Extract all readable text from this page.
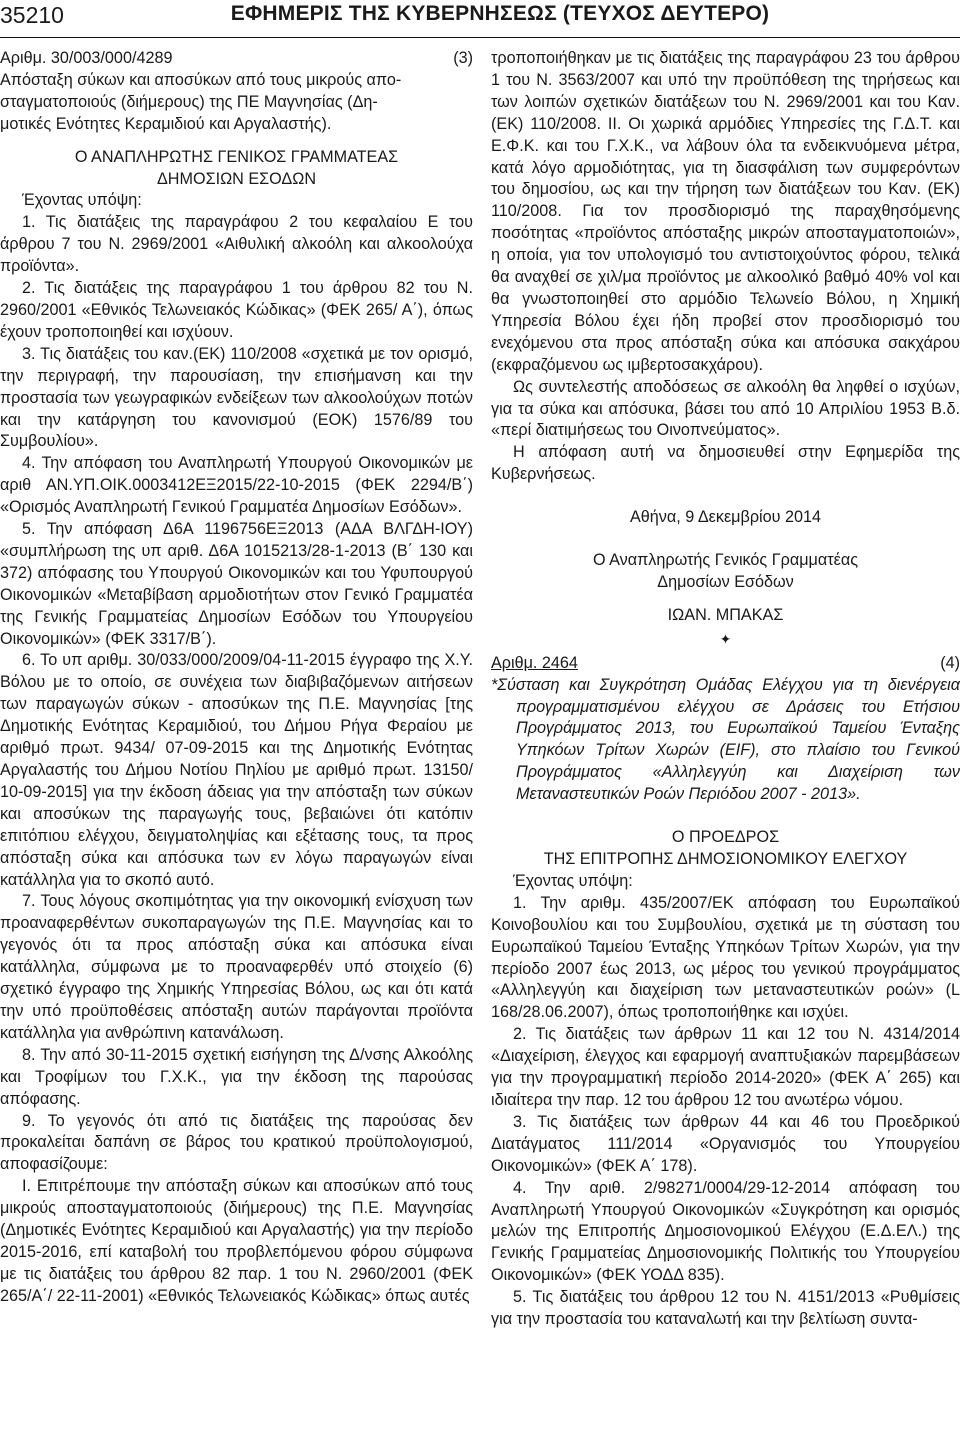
35210	ΕΦΗΜΕΡΙΣ ΤΗΣ ΚΥΒΕΡΝΗΣΕΩΣ (ΤΕΥΧΟΣ ΔΕΥΤΕΡΟ)
Αριθμ. 30/003/000/4289	(3)
Απόσταξη σύκων και αποσύκων από τους μικρούς απο-
σταγματοποιούς (διήμερους) της ΠΕ Μαγνησίας (Δη-
μοτικές Ενότητες Κεραμιδιού και Αργαλαστής).
Ο ΑΝΑΠΛΗΡΩΤΗΣ ΓΕΝΙΚΟΣ ΓΡΑΜΜΑΤΕΑΣ
ΔΗΜΟΣΙΩΝ ΕΣΟΔΩΝ
Έχοντας υπόψη:

1. Τις διατάξεις της παραγράφου 2 του κεφαλαίου Ε του άρθρου 7 του Ν. 2969/2001 «Αιθυλική αλκοόλη και αλκοολούχα προϊόντα».

2. Τις διατάξεις της παραγράφου 1 του άρθρου 82 του Ν. 2960/2001 «Εθνικός Τελωνειακός Κώδικας» (ΦΕΚ 265/ Α΄), όπως έχουν τροποποιηθεί και ισχύουν.

3. Τις διατάξεις του καν.(ΕΚ) 110/2008 «σχετικά με τον ορισμό, την περιγραφή, την παρουσίαση, την επισήμανση και την προστασία των γεωγραφικών ενδείξεων των αλκοολούχων ποτών και την κατάργηση του κανονισμού (ΕΟΚ) 1576/89 του Συμβουλίου».

4. Την απόφαση του Αναπληρωτή Υπουργού Οικονομικών με αριθ ΑΝ.ΥΠ.ΟΙΚ.0003412ΕΞ2015/22-10-2015 (ΦΕΚ 2294/Β΄) «Ορισμός Αναπληρωτή Γενικού Γραμματέα Δημοσίων Εσόδων».

5. Την απόφαση Δ6Α 1196756ΕΞ2013 (ΑΔΑ ΒΛΓΔΗ-ΙΟΥ) «συμπλήρωση της υπ αριθ. Δ6Α 1015213/28-1-2013 (Β΄ 130 και 372) απόφασης του Υπουργού Οικονομικών και του Υφυπουργού Οικονομικών «Μεταβίβαση αρμοδιοτήτων στον Γενικό Γραμματέα της Γενικής Γραμματείας Δημοσίων Εσόδων του Υπουργείου Οικονομικών» (ΦΕΚ 3317/Β΄).

6. Το υπ αριθμ. 30/033/000/2009/04-11-2015 έγγραφο της Χ.Υ. Βόλου με το οποίο, σε συνέχεια των διαβιβαζόμενων αιτήσεων των παραγωγών σύκων - αποσύκων της Π.Ε. Μαγνησίας [της Δημοτικής Ενότητας Κεραμιδιού, του Δήμου Ρήγα Φεραίου με αριθμό πρωτ. 9434/ 07-09-2015 και της Δημοτικής Ενότητας Αργαλαστής του Δήμου Νοτίου Πηλίου με αριθμό πρωτ. 13150/ 10-09-2015] για την έκδοση άδειας για την απόσταξη των σύκων και αποσύκων της παραγωγής τους, βεβαιώνει ότι κατόπιν επιτόπιου ελέγχου, δειγματοληψίας και εξέτασης τους, τα προς απόσταξη σύκα και απόσυκα των εν λόγω παραγωγών είναι κατάλληλα για το σκοπό αυτό.

7. Τους λόγους σκοπιμότητας για την οικονομική ενίσχυση των προαναφερθέντων συκοπαραγωγών της Π.Ε. Μαγνησίας και το γεγονός ότι τα προς απόσταξη σύκα και απόσυκα είναι κατάλληλα, σύμφωνα με το προαναφερθέν υπό στοιχείο (6) σχετικό έγγραφο της Χημικής Υπηρεσίας Βόλου, ως και ότι κατά την υπό προϋποθέσεις απόσταξη αυτών παράγονται προϊόντα κατάλληλα για ανθρώπινη κατανάλωση.

8. Την από 30-11-2015 σχετική εισήγηση της Δ/νσης Αλκοόλης και Τροφίμων του Γ.Χ.Κ., για την έκδοση της παρούσας απόφασης.

9. Το γεγονός ότι από τις διατάξεις της παρούσας δεν προκαλείται δαπάνη σε βάρος του κρατικού προϋπολογισμού, αποφασίζουμε:

Ι. Επιτρέπουμε την απόσταξη σύκων και αποσύκων από τους μικρούς αποσταγματοποιούς (διήμερους) της Π.Ε. Μαγνησίας (Δημοτικές Ενότητες Κεραμιδιού και Αργαλαστής) για την περίοδο 2015-2016, επί καταβολή του προβλεπόμενου φόρου σύμφωνα με τις διατάξεις του άρθρου 82 παρ. 1 του Ν. 2960/2001 (ΦΕΚ 265/Α΄/ 22-11-2001) «Εθνικός Τελωνειακός Κώδικας» όπως αυτές

τροποποιήθηκαν με τις διατάξεις της παραγράφου 23 του άρθρου 1 του Ν. 3563/2007 και υπό την προϋπόθεση της τηρήσεως και των λοιπών σχετικών διατάξεων του Ν. 2969/2001 και του Καν. (ΕΚ) 110/2008. ΙΙ. Οι χωρικά αρμόδιες Υπηρεσίες της Γ.Δ.Τ. και Ε.Φ.Κ. και του Γ.Χ.Κ., να λάβουν όλα τα ενδεικνυόμενα μέτρα, κατά λόγο αρμοδιότητας, για τη διασφάλιση των συμφερόντων του δημοσίου, ως και την τήρηση των διατάξεων του Καν. (ΕΚ) 110/2008. Για τον προσδιορισμό της παραχθησόμενης ποσότητας «προϊόντος απόσταξης μικρών αποσταγματοποιών», η οποία, για τον υπολογισμό του αντιστοιχούντος φόρου, τελικά θα αναχθεί σε χιλ/μα προϊόντος με αλκοολικό βαθμό 40% vol και θα γνωστοποιηθεί στο αρμόδιο Τελωνείο Βόλου, η Χημική Υπηρεσία Βόλου έχει ήδη προβεί στον προσδιορισμό του ενεχόμενου στα προς απόσταξη σύκα και απόσυκα σακχάρου (εκφραζόμενου ως ιμβερτοσακχάρου).

Ως συντελεστής αποδόσεως σε αλκοόλη θα ληφθεί ο ισχύων, για τα σύκα και απόσυκα, βάσει του από 10 Απριλίου 1953 Β.δ. «περί διατιμήσεως του Οινοπνεύματος».

Η απόφαση αυτή να δημοσιευθεί στην Εφημερίδα της Κυβερνήσεως.

Αθήνα, 9 Δεκεμβρίου 2014
Ο Αναπληρωτής Γενικός Γραμματέας
Δημοσίων Εσόδων
ΙΩΑΝ. ΜΠΑΚΑΣ
✦
Αριθμ. 2464	(4)
*Σύσταση και Συγκρότηση Ομάδας Ελέγχου για τη διενέργεια προγραμματισμένου ελέγχου σε Δράσεις του Ετήσιου Προγράμματος 2013, του Ευρωπαϊκού Ταμείου Ένταξης Υπηκόων Τρίτων Χωρών (EIF), στο πλαίσιο του Γενικού Προγράμματος «Αλληλεγγύη και Διαχείριση των Μεταναστευτικών Ροών Περιόδου 2007 - 2013».
Ο ΠΡΟΕΔΡΟΣ
ΤΗΣ ΕΠΙΤΡΟΠΗΣ ΔΗΜΟΣΙΟΝΟΜΙΚΟΥ ΕΛΕΓΧΟΥ
Έχοντας υπόψη:

1. Την αριθμ. 435/2007/ΕΚ απόφαση του Ευρωπαϊκού Κοινοβουλίου και του Συμβουλίου, σχετικά με τη σύσταση του Ευρωπαϊκού Ταμείου Ένταξης Υπηκόων Τρίτων Χωρών, για την περίοδο 2007 έως 2013, ως μέρος του γενικού προγράμματος «Αλληλεγγύη και διαχείριση των μεταναστευτικών ροών» (L 168/28.06.2007), όπως τροποποιήθηκε και ισχύει.

2. Τις διατάξεις των άρθρων 11 και 12 του Ν. 4314/2014 «Διαχείριση, έλεγχος και εφαρμογή αναπτυξιακών παρεμβάσεων για την προγραμματική περίοδο 2014-2020» (ΦΕΚ Α΄ 265) και ιδιαίτερα την παρ. 12 του άρθρου 12 του ανωτέρω νόμου.

3. Τις διατάξεις των άρθρων 44 και 46 του Προεδρικού Διατάγματος 111/2014 «Οργανισμός του Υπουργείου Οικονομικών» (ΦΕΚ Α΄ 178).

4. Την αριθ. 2/98271/0004/29-12-2014 απόφαση του Αναπληρωτή Υπουργού Οικονομικών «Συγκρότηση και ορισμός μελών της Επιτροπής Δημοσιονομικού Ελέγχου (Ε.Δ.ΕΛ.) της Γενικής Γραμματείας Δημοσιονομικής Πολιτικής του Υπουργείου Οικονομικών» (ΦΕΚ ΥΟΔΔ 835).

5. Τις διατάξεις του άρθρου 12 του Ν. 4151/2013 «Ρυθμίσεις για την προστασία του καταναλωτή και την βελτίωση συντα-
